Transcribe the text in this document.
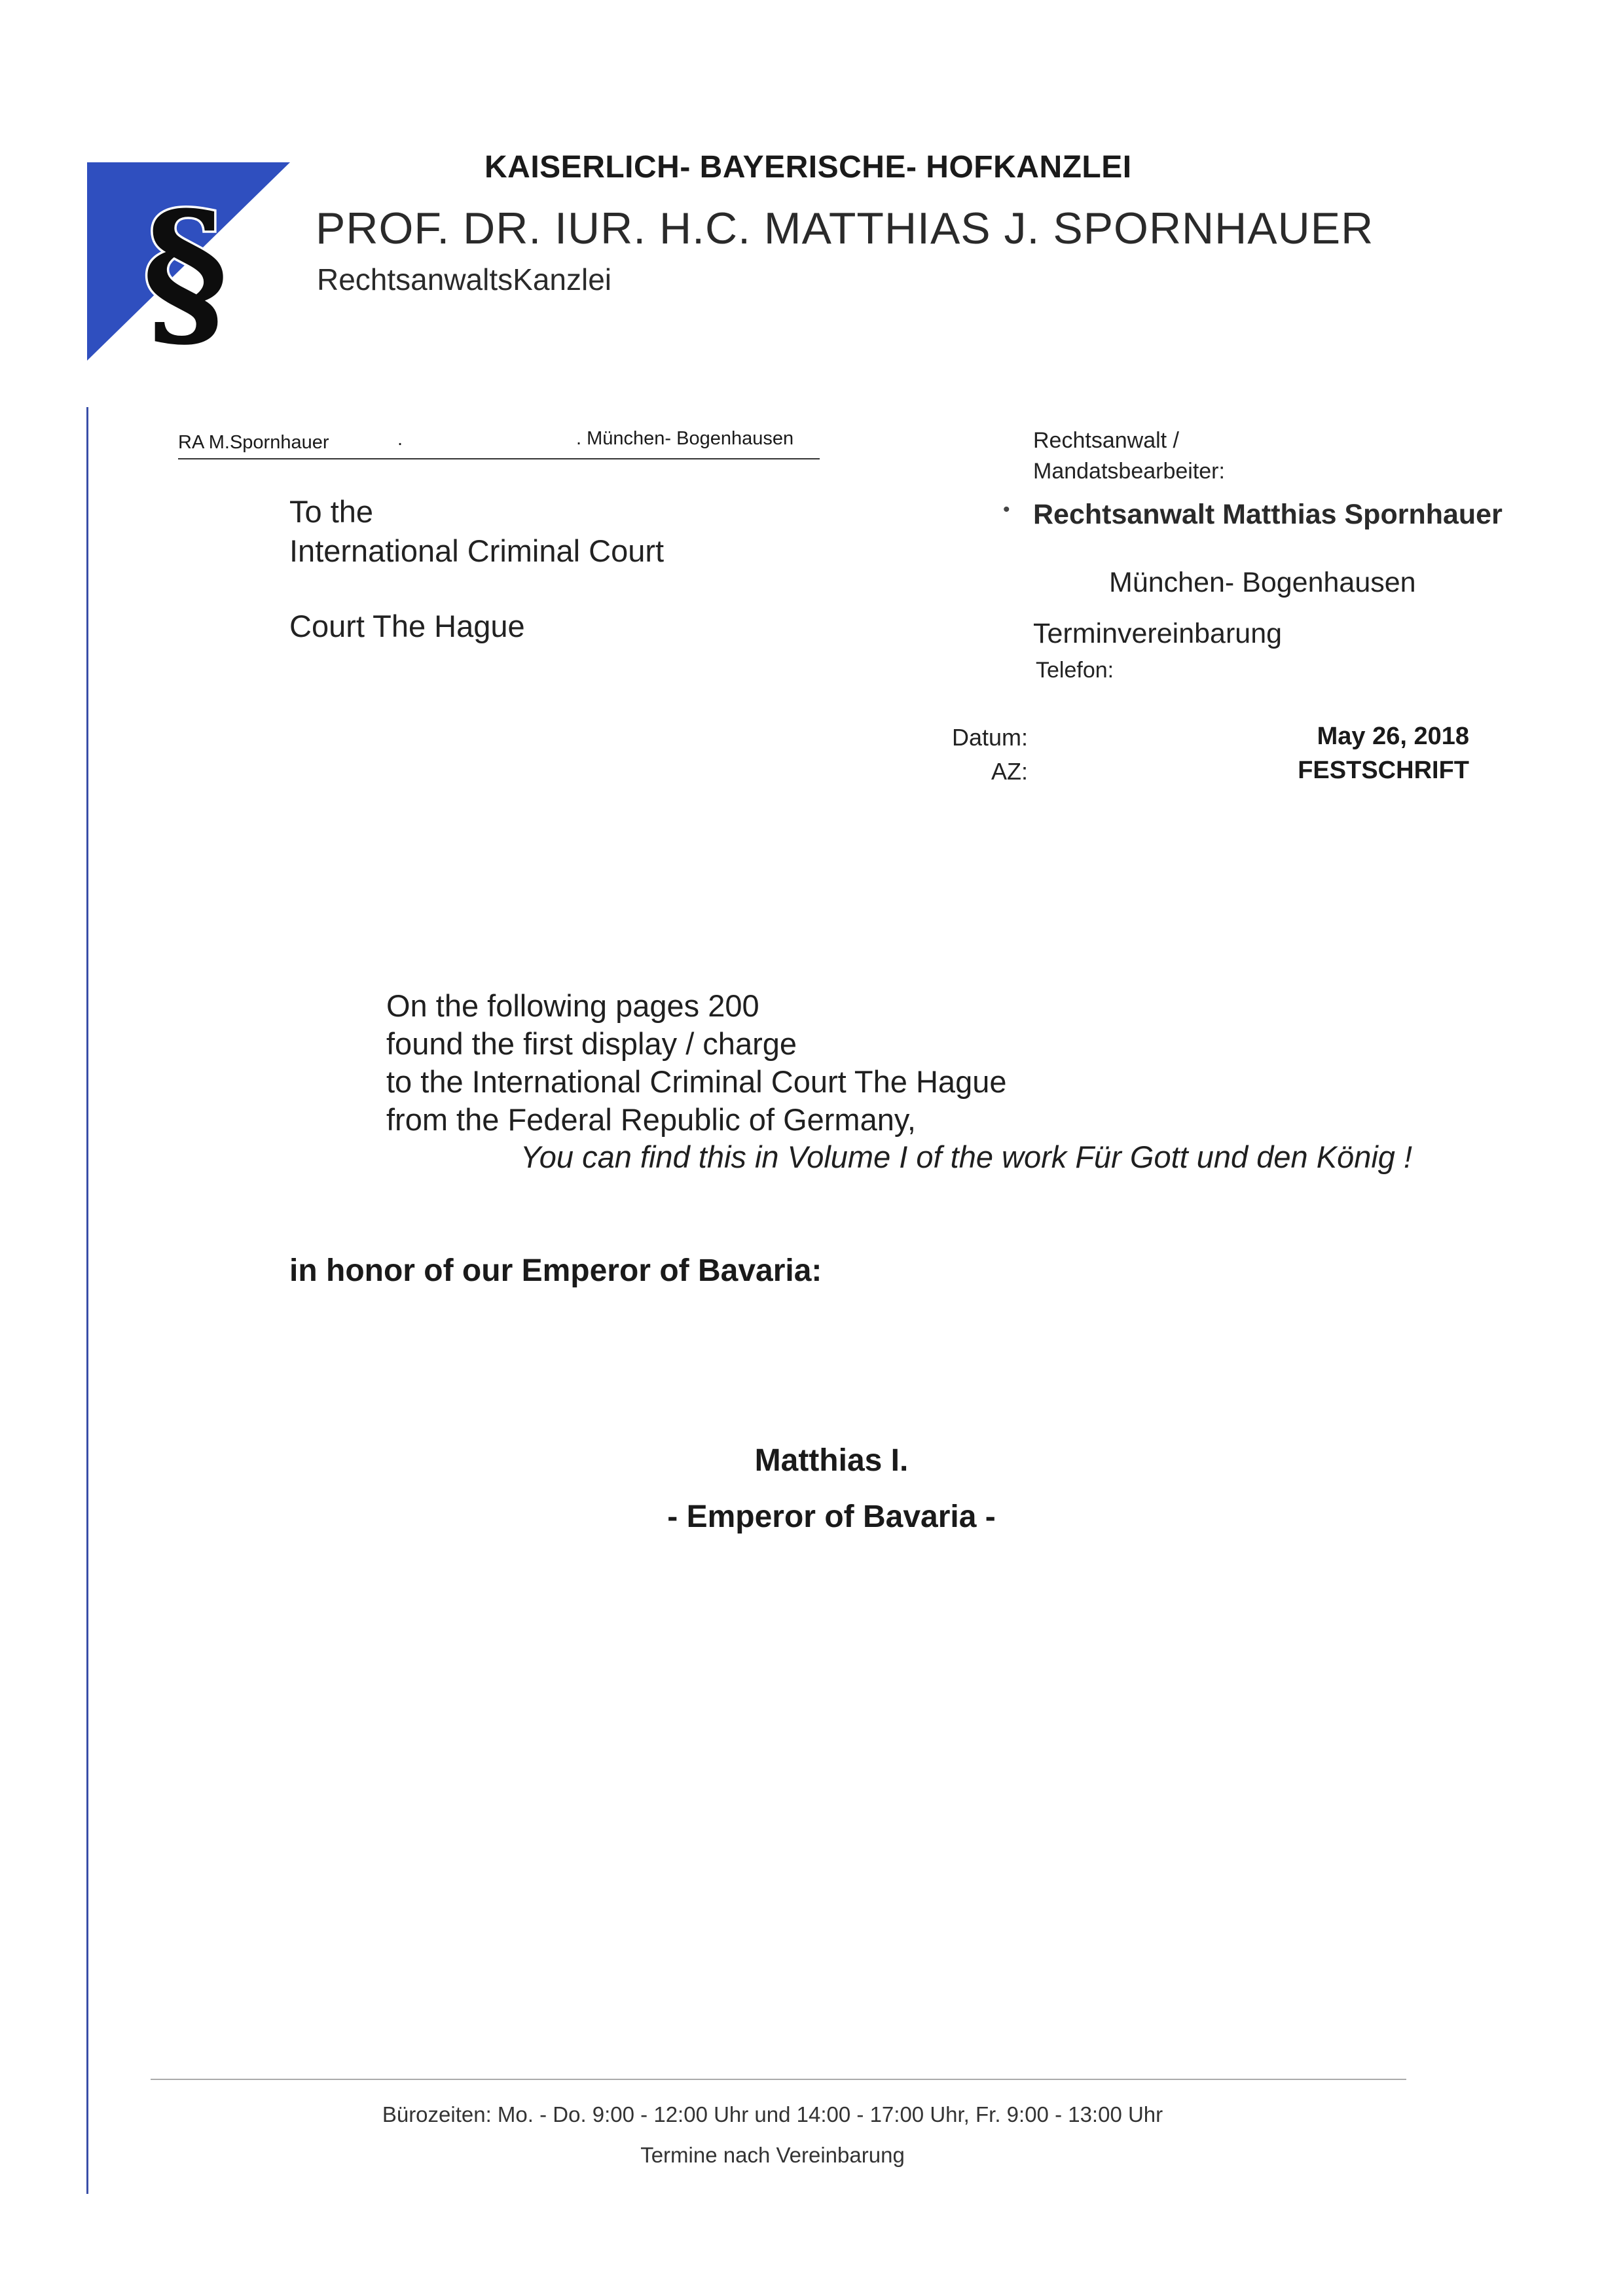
§
KAISERLICH- BAYERISCHE- HOFKANZLEI
PROF. DR. IUR. H.C. MATTHIAS J. SPORNHAUER
RechtsanwaltsKanzlei
RA M.Spornhauer	.	. München- Bogenhausen
To the
International Criminal Court
Court The Hague
Rechtsanwalt /
Mandatsbearbeiter:
• Rechtsanwalt Matthias Spornhauer
München- Bogenhausen
Terminvereinbarung
Telefon:
Datum:	May 26, 2018
AZ:	FESTSCHRIFT
On the following pages 200
found the first display / charge
to the International Criminal Court The Hague
from the Federal Republic of Germany,
You can find this in Volume I of the work Für Gott und den König !
in honor of our Emperor of Bavaria:
Matthias I.
- Emperor of Bavaria -
Bürozeiten: Mo. - Do. 9:00 - 12:00 Uhr und 14:00 - 17:00 Uhr, Fr. 9:00 - 13:00 Uhr
Termine nach Vereinbarung
